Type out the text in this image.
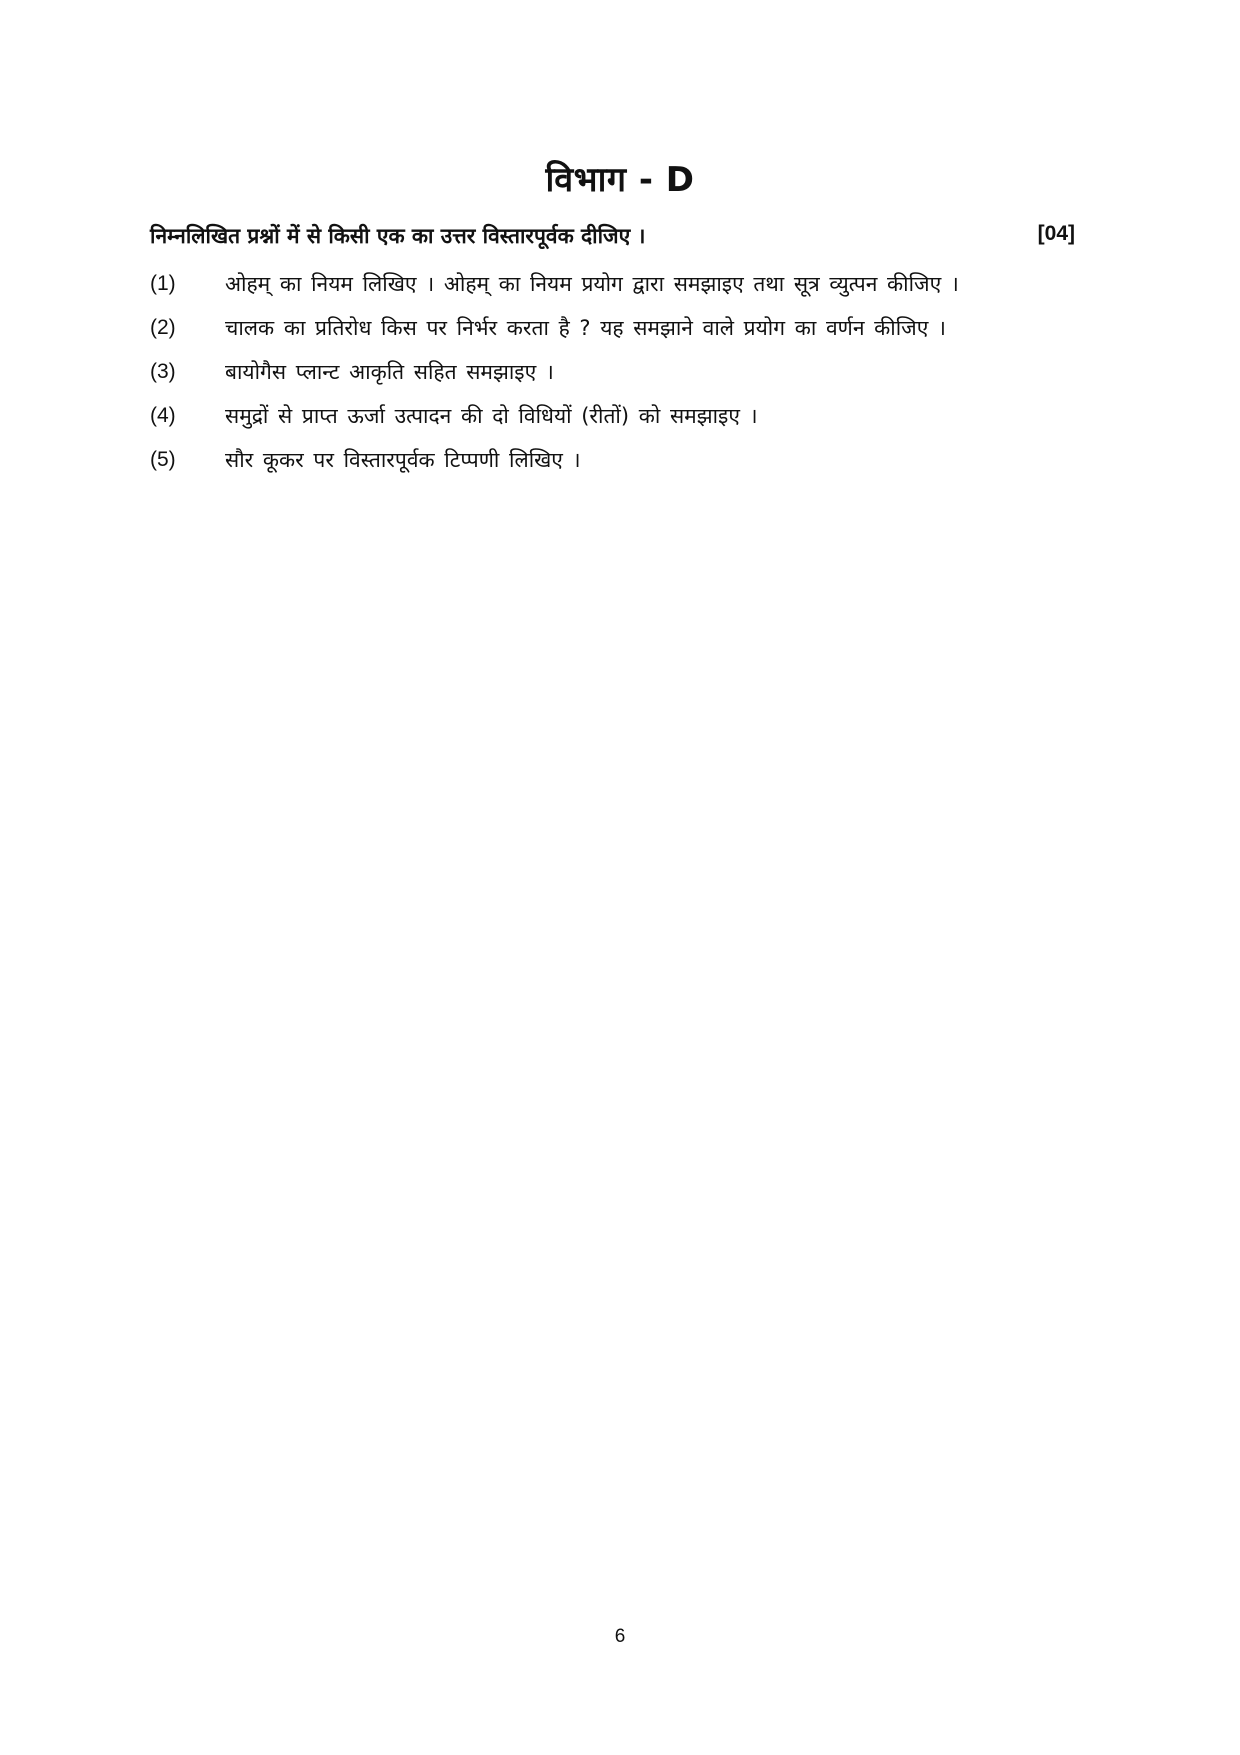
विभाग - D
निम्नलिखित प्रश्नों में से किसी एक का उत्तर विस्तारपूर्वक दीजिए ।	[04]
(1) ओहम् का नियम लिखिए । ओहम् का नियम प्रयोग द्वारा समझाइए तथा सूत्र व्युत्पन कीजिए ।
(2) चालक का प्रतिरोध किस पर निर्भर करता है ? यह समझाने वाले प्रयोग का वर्णन कीजिए ।
(3) बायोगैस प्लान्ट आकृति सहित समझाइए ।
(4) समुद्रों से प्राप्त ऊर्जा उत्पादन की दो विधियों (रीतों) को समझाइए ।
(5) सौर कूकर पर विस्तारपूर्वक टिप्पणी लिखिए ।
6
